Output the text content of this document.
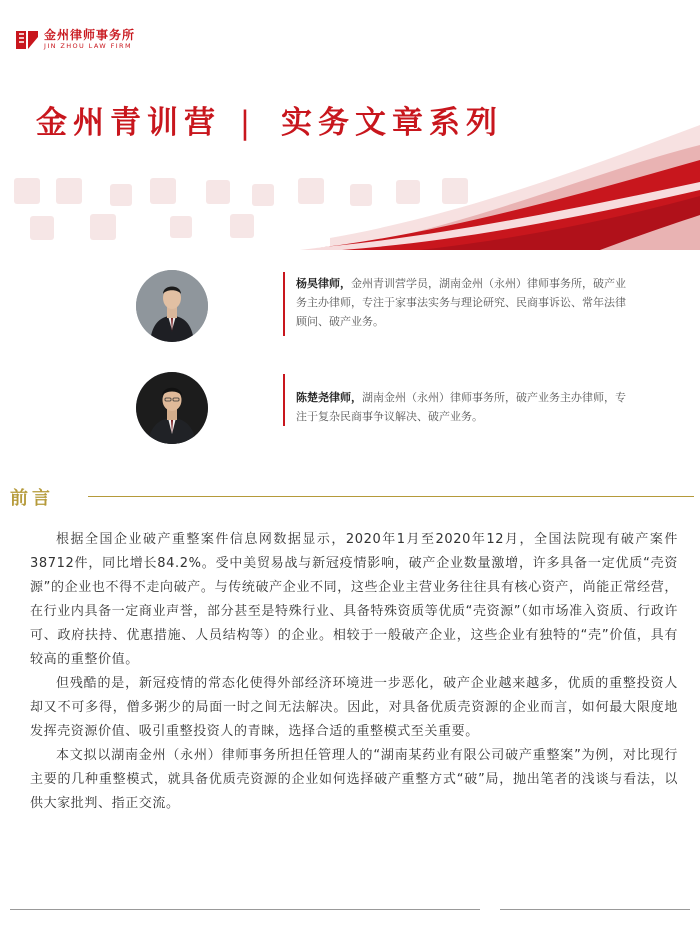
金州律师事务所
JIN ZHOU LAW FIRM
金州青训营 | 实务文章系列
杨昊律师，金州青训营学员，湖南金州（永州）律师事务所，破产业务主办律师，专注于家事法实务与理论研究、民商事诉讼、常年法律顾问、破产业务。
陈楚尧律师，湖南金州（永州）律师事务所，破产业务主办律师，专注于复杂民商事争议解决、破产业务。
前言

根据全国企业破产重整案件信息网数据显示，2020年1月至2020年12月，全国法院现有破产案件38712件，同比增长84.2%。受中美贸易战与新冠疫情影响，破产企业数量激增，许多具备一定优质“壳资源”的企业也不得不走向破产。与传统破产企业不同，这些企业主营业务往往具有核心资产，尚能正常经营，在行业内具备一定商业声誉，部分甚至是特殊行业、具备特殊资质等优质“壳资源”（如市场准入资质、行政许可、政府扶持、优惠措施、人员结构等）的企业。相较于一般破产企业，这些企业有独特的“壳”价值，具有较高的重整价值。

但残酷的是，新冠疫情的常态化使得外部经济环境进一步恶化，破产企业越来越多，优质的重整投资人却又不可多得，僧多粥少的局面一时之间无法解决。因此，对具备优质壳资源的企业而言，如何最大限度地发挥壳资源价值、吸引重整投资人的青睐，选择合适的重整模式至关重要。

本文拟以湖南金州（永州）律师事务所担任管理人的“湖南某药业有限公司破产重整案”为例，对比现行主要的几种重整模式，就具备优质壳资源的企业如何选择破产重整方式“破”局，抛出笔者的浅谈与看法，以供大家批判、指正交流。
